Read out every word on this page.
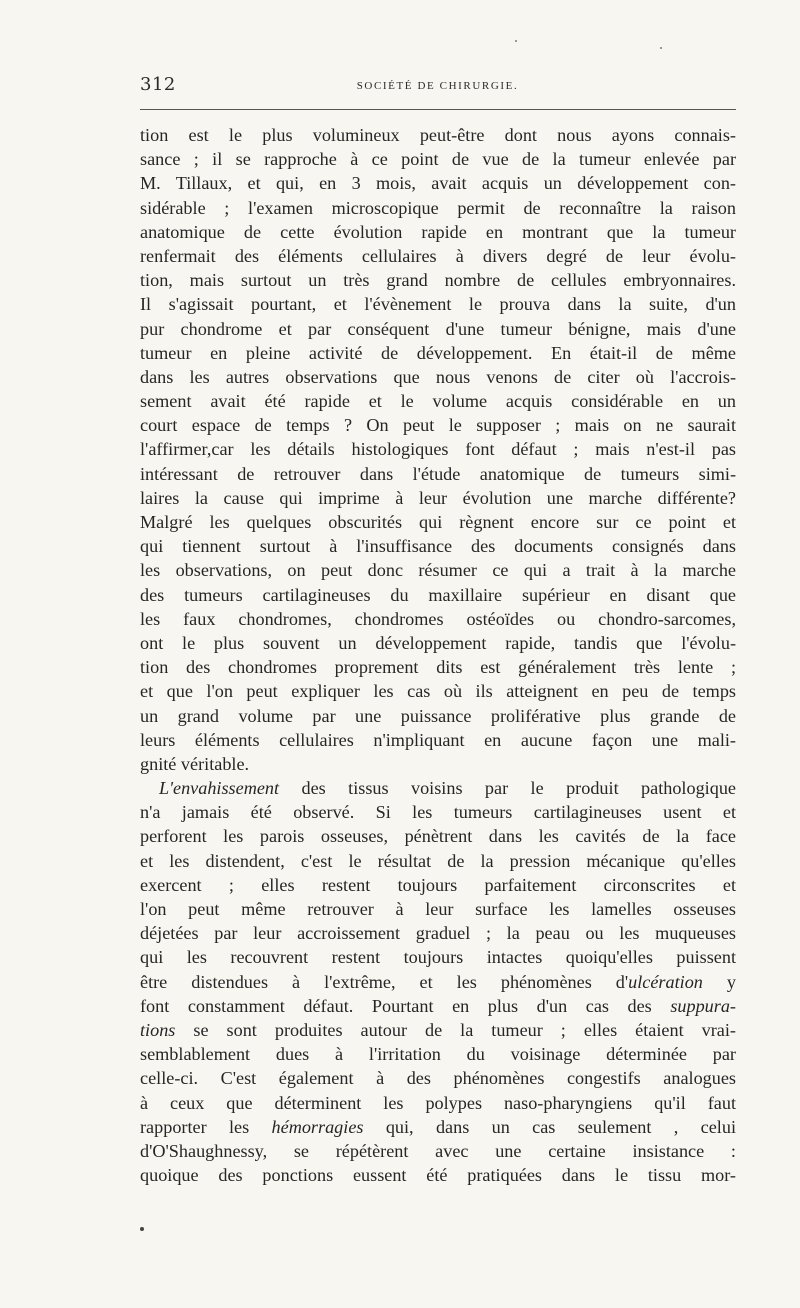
312	SOCIÉTÉ DE CHIRURGIE.
tion est le plus volumineux peut-être dont nous ayons connais-
sance ; il se rapproche à ce point de vue de la tumeur enlevée par
M. Tillaux, et qui, en 3 mois, avait acquis un développement con-
sidérable ; l'examen microscopique permit de reconnaître la raison
anatomique de cette évolution rapide en montrant que la tumeur
renfermait des éléments cellulaires à divers degré de leur évolu-
tion, mais surtout un très grand nombre de cellules embryonnaires.
Il s'agissait pourtant, et l'évènement le prouva dans la suite, d'un
pur chondrome et par conséquent d'une tumeur bénigne, mais d'une
tumeur en pleine activité de développement. En était-il de même
dans les autres observations que nous venons de citer où l'accrois-
sement avait été rapide et le volume acquis considérable en un
court espace de temps ? On peut le supposer ; mais on ne saurait
l'affirmer,car les détails histologiques font défaut ; mais n'est-il pas
intéressant de retrouver dans l'étude anatomique de tumeurs simi-
laires la cause qui imprime à leur évolution une marche différente?
Malgré les quelques obscurités qui règnent encore sur ce point et
qui tiennent surtout à l'insuffisance des documents consignés dans
les observations, on peut donc résumer ce qui a trait à la marche
des tumeurs cartilagineuses du maxillaire supérieur en disant que
les faux chondromes, chondromes ostéoïdes ou chondro-sarcomes,
ont le plus souvent un développement rapide, tandis que l'évolu-
tion des chondromes proprement dits est généralement très lente ;
et que l'on peut expliquer les cas où ils atteignent en peu de temps
un grand volume par une puissance proliférative plus grande de
leurs éléments cellulaires n'impliquant en aucune façon une mali-
gnité véritable.
L'envahissement des tissus voisins par le produit pathologique
n'a jamais été observé. Si les tumeurs cartilagineuses usent et
perforent les parois osseuses, pénètrent dans les cavités de la face
et les distendent, c'est le résultat de la pression mécanique qu'elles
exercent ; elles restent toujours parfaitement circonscrites et
l'on peut même retrouver à leur surface les lamelles osseuses
déjetées par leur accroissement graduel ; la peau ou les muqueuses
qui les recouvrent restent toujours intactes quoiqu'elles puissent
être distendues à l'extrême, et les phénomènes d'ulcération y
font constamment défaut. Pourtant en plus d'un cas des suppura-
tions se sont produites autour de la tumeur ; elles étaient vrai-
semblablement dues à l'irritation du voisinage déterminée par
celle-ci. C'est également à des phénomènes congestifs analogues
à ceux que déterminent les polypes naso-pharyngiens qu'il faut
rapporter les hémorragies qui, dans un cas seulement , celui
d'O'Shaughnessy, se répétèrent avec une certaine insistance :
quoique des ponctions eussent été pratiquées dans le tissu mor-
